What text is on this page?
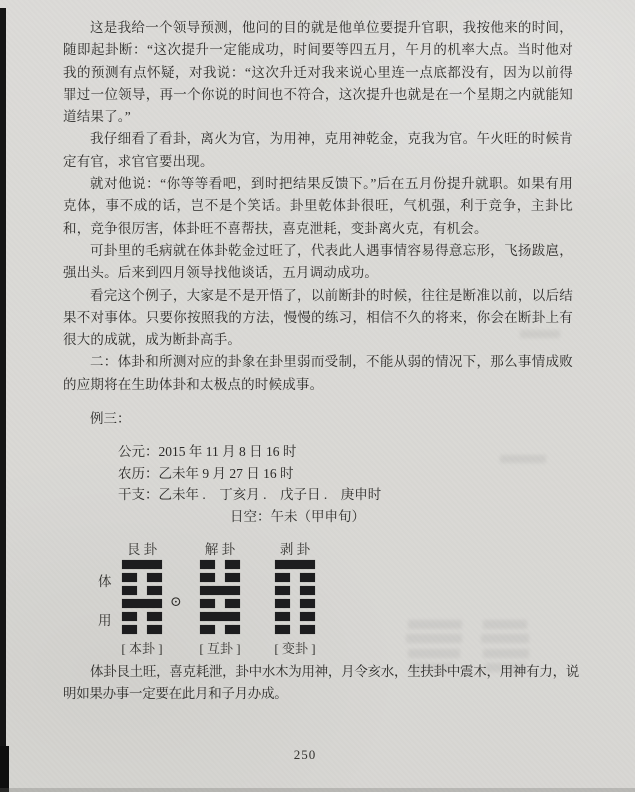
这是我给一个领导预测，他问的目的就是他单位要提升官职，我按他来的时间，随即起卦断：“这次提升一定能成功，时间要等四五月，午月的机率大点。当时他对我的预测有点怀疑，对我说：“这次升迁对我来说心里连一点底都没有，因为以前得罪过一位领导，再一个你说的时间也不符合，这次提升也就是在一个星期之内就能知道结果了。”

我仔细看了看卦，离火为官，为用神，克用神乾金，克我为官。午火旺的时候肯定有官，求官官要出现。

就对他说：“你等等看吧，到时把结果反馈下。”后在五月份提升就职。如果有用克体，事不成的话，岂不是个笑话。卦里乾体卦很旺，气机强，利于竞争，主卦比和，竞争很厉害，体卦旺不喜帮扶，喜克泄耗，变卦离火克，有机会。

可卦里的毛病就在体卦乾金过旺了，代表此人遇事情容易得意忘形，飞扬跋扈，强出头。后来到四月领导找他谈话，五月调动成功。

看完这个例子，大家是不是开悟了，以前断卦的时候，往往是断准以前，以后结果不对事体。只要你按照我的方法，慢慢的练习，相信不久的将来，你会在断卦上有很大的成就，成为断卦高手。

二：体卦和所测对应的卦象在卦里弱而受制，不能从弱的情况下，那么事情成败的应期将在生助体卦和太极点的时候成事。

例三：

公元：2015 年 11 月 8 日 16 时
农历：乙未年 9 月 27 日 16 时
干支：乙未年 .　丁亥月 .　戊子日 .　庚申时
日空：午未（甲申旬）
体
用
⊙
艮 卦
[ 本卦 ]
解 卦
[ 互卦 ]
剥 卦
[ 变卦 ]

体卦艮土旺，喜克耗泄，卦中水木为用神，月令亥水，生扶卦中震木，用神有力，说明如果办事一定要在此月和子月办成。

250
